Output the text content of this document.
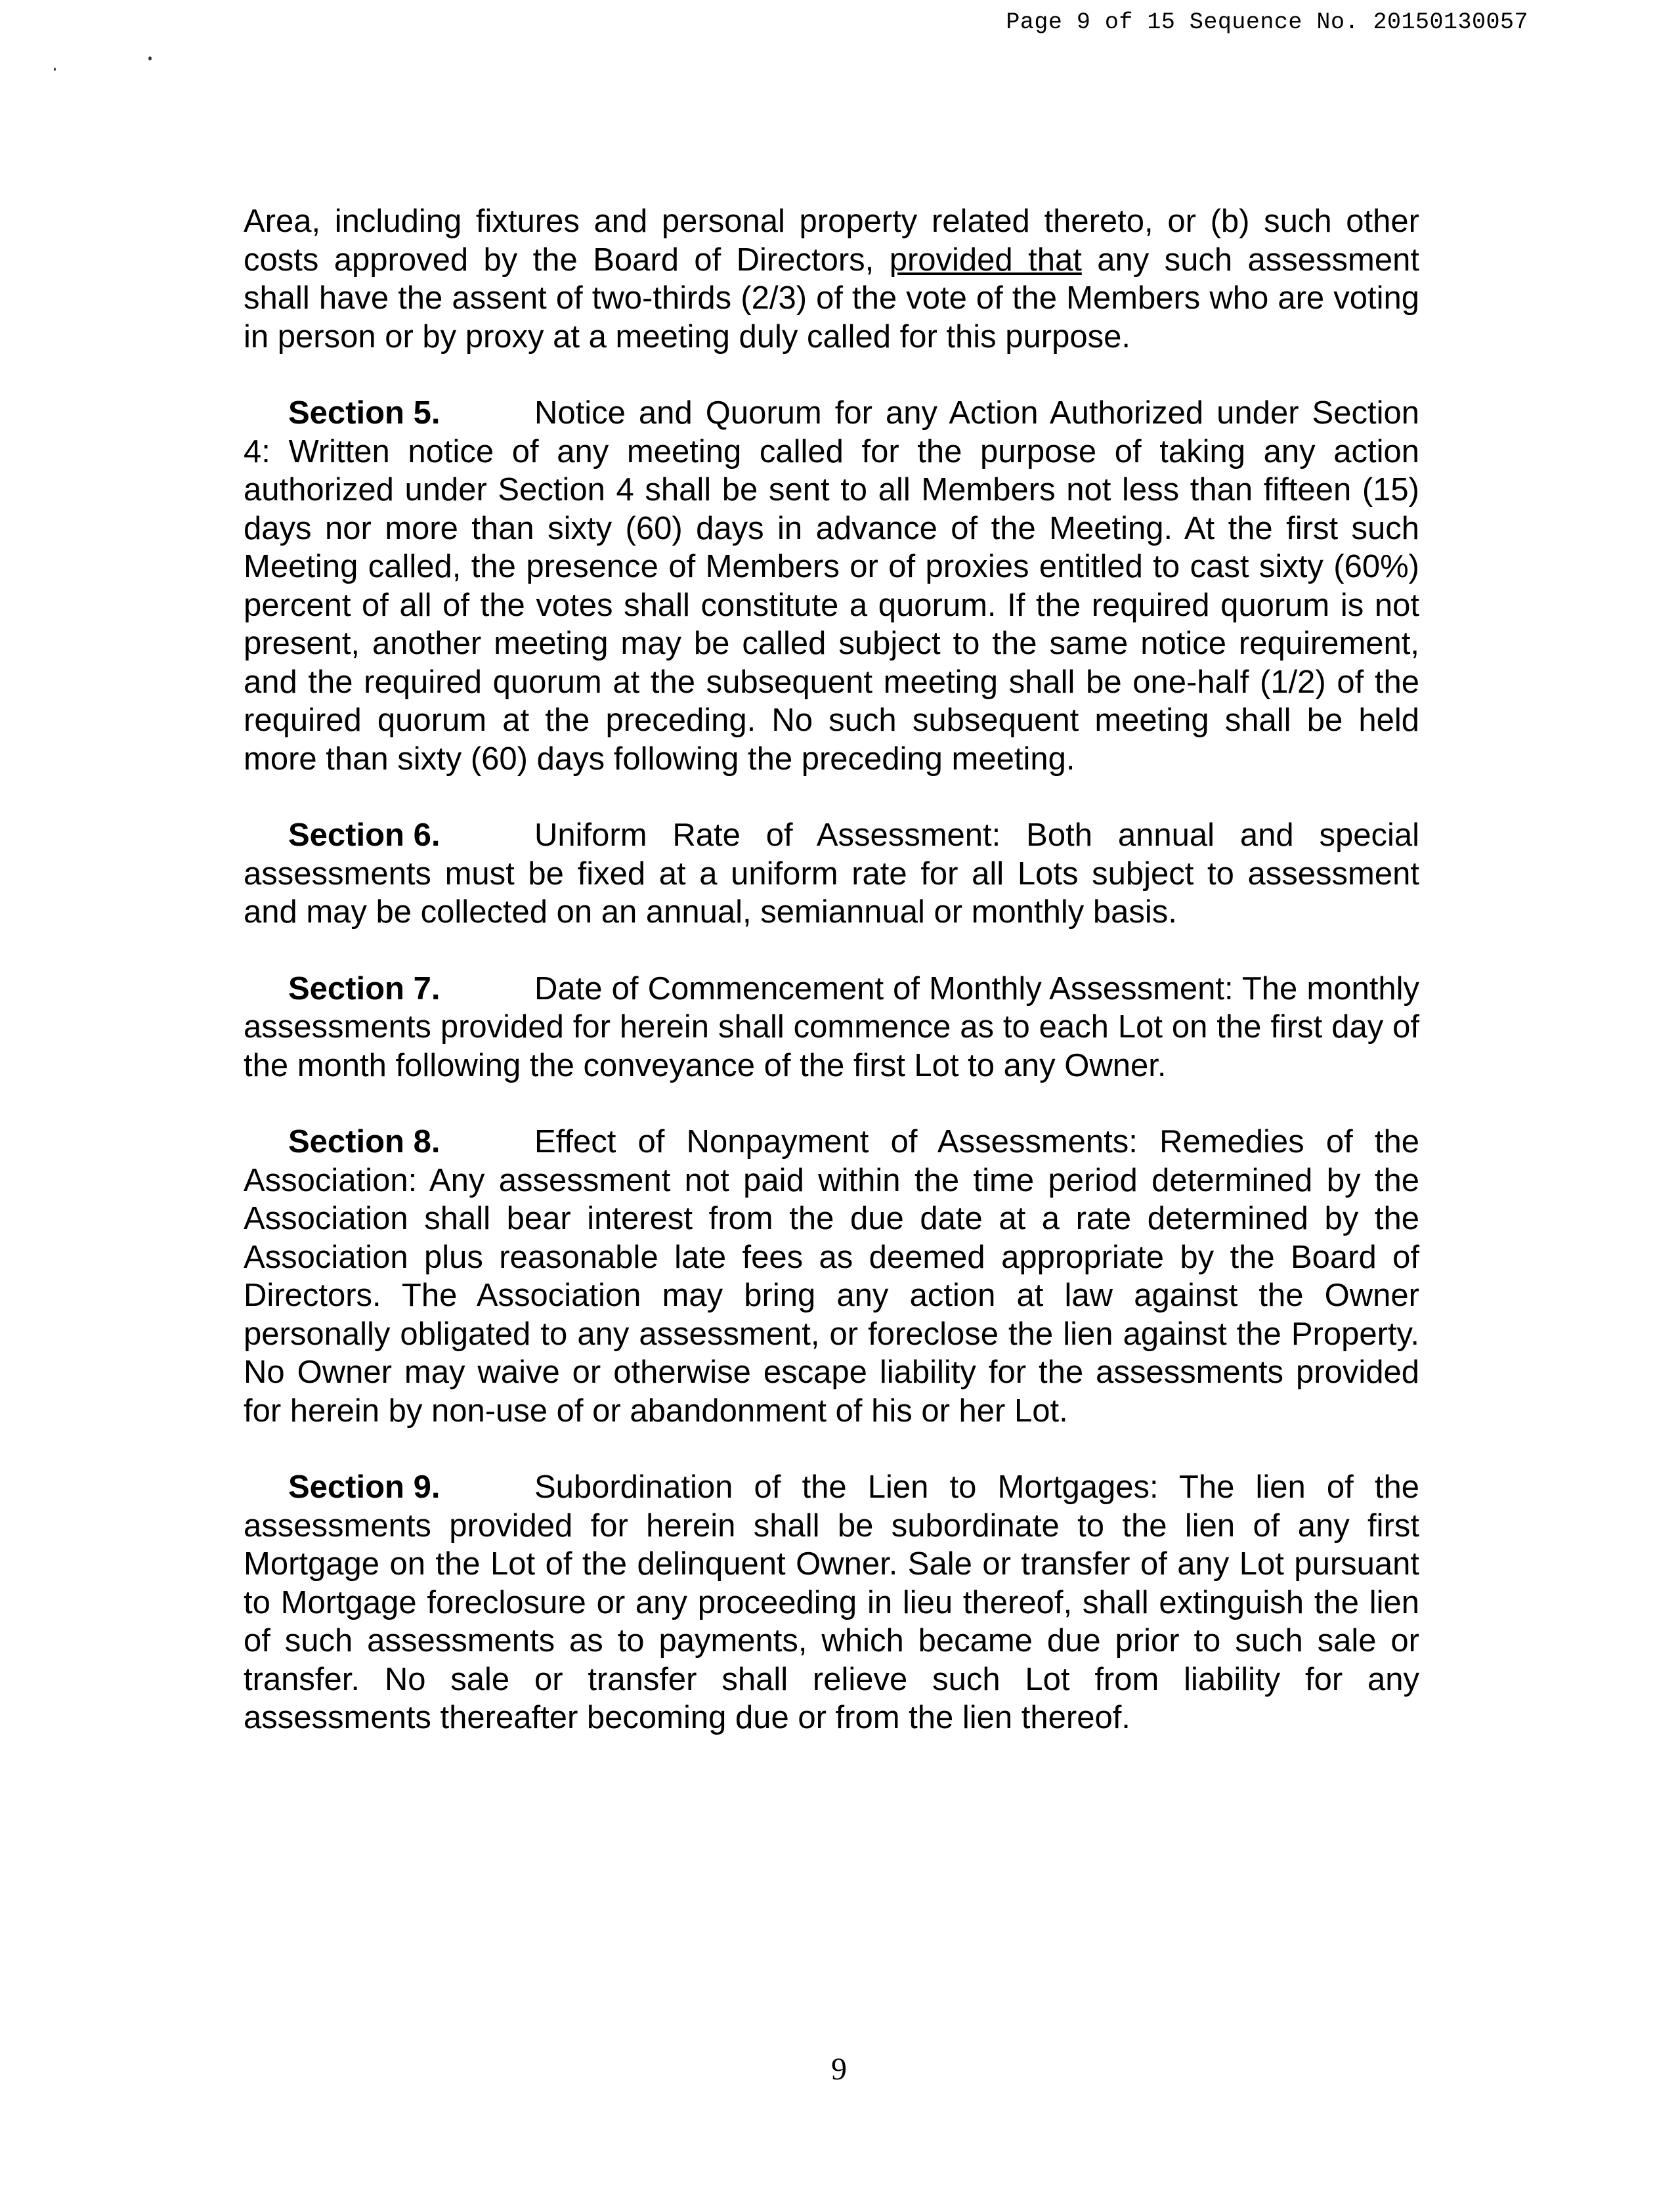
Page 9 of 15 Sequence No. 20150130057

Area, including fixtures and personal property related thereto, or (b) such other costs approved by the Board of Directors, provided that any such assessment shall have the assent of two-thirds (2/3) of the vote of the Members who are voting in person or by proxy at a meeting duly called for this purpose.

Section 5.	Notice and Quorum for any Action Authorized under Section 4: Written notice of any meeting called for the purpose of taking any action authorized under Section 4 shall be sent to all Members not less than fifteen (15) days nor more than sixty (60) days in advance of the Meeting. At the first such Meeting called, the presence of Members or of proxies entitled to cast sixty (60%) percent of all of the votes shall constitute a quorum. If the required quorum is not present, another meeting may be called subject to the same notice requirement, and the required quorum at the subsequent meeting shall be one-half (1/2) of the required quorum at the preceding. No such subsequent meeting shall be held more than sixty (60) days following the preceding meeting.

Section 6.	Uniform Rate of Assessment: Both annual and special assessments must be fixed at a uniform rate for all Lots subject to assessment and may be collected on an annual, semiannual or monthly basis.

Section 7.	Date of Commencement of Monthly Assessment: The monthly assessments provided for herein shall commence as to each Lot on the first day of the month following the conveyance of the first Lot to any Owner.

Section 8.	Effect of Nonpayment of Assessments: Remedies of the Association: Any assessment not paid within the time period determined by the Association shall bear interest from the due date at a rate determined by the Association plus reasonable late fees as deemed appropriate by the Board of Directors. The Association may bring any action at law against the Owner personally obligated to any assessment, or foreclose the lien against the Property. No Owner may waive or otherwise escape liability for the assessments provided for herein by non-use of or abandonment of his or her Lot.

Section 9.	Subordination of the Lien to Mortgages: The lien of the assessments provided for herein shall be subordinate to the lien of any first Mortgage on the Lot of the delinquent Owner. Sale or transfer of any Lot pursuant to Mortgage foreclosure or any proceeding in lieu thereof, shall extinguish the lien of such assessments as to payments, which became due prior to such sale or transfer. No sale or transfer shall relieve such Lot from liability for any assessments thereafter becoming due or from the lien thereof.

9
